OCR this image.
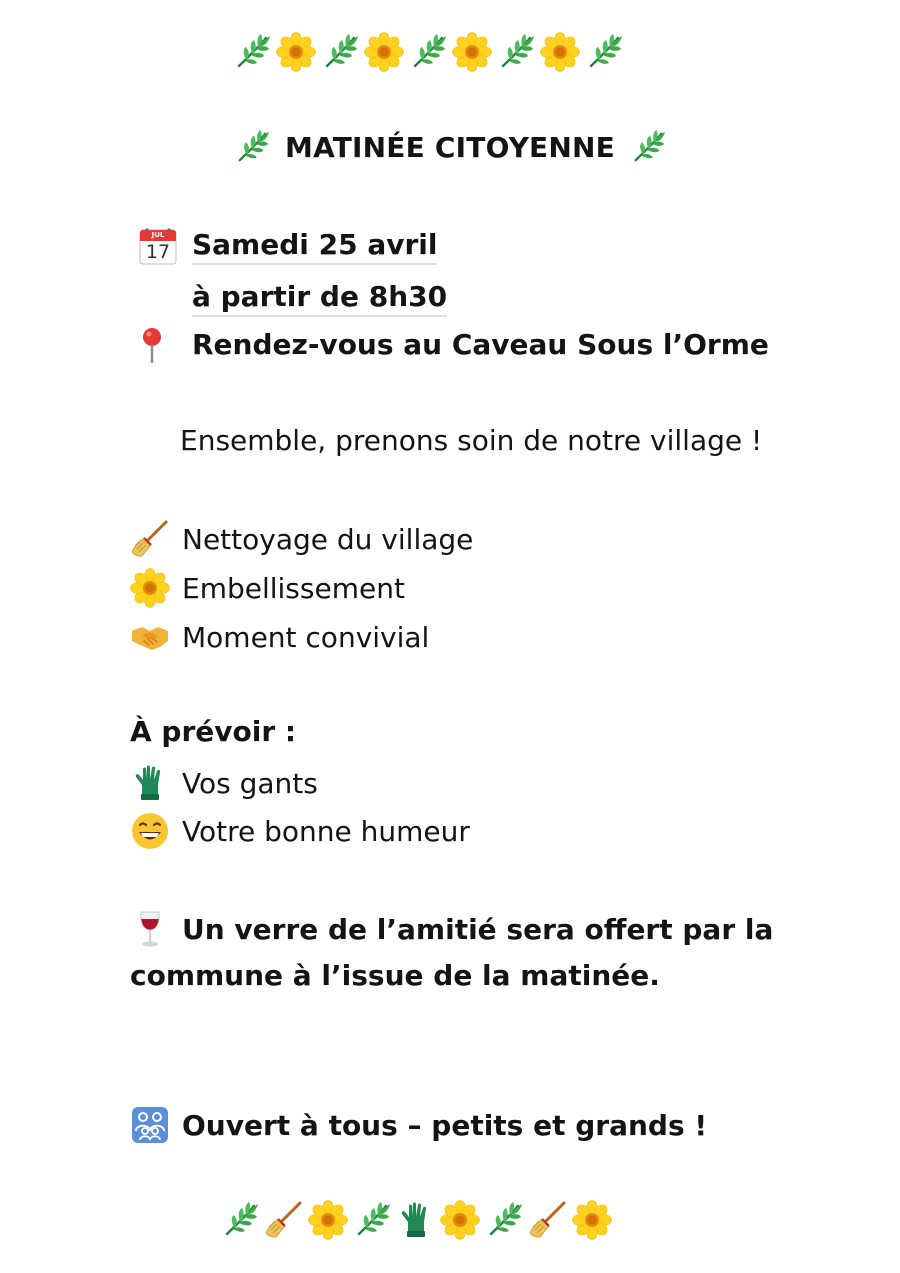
MATINÉE CITOYENNE
JUL
17 Samedi 25 avril
à partir de 8h30
Rendez-vous au Caveau Sous l’Orme
Ensemble, prenons soin de notre village !
Nettoyage du village
Embellissement
Moment convivial
À prévoir :
Vos gants
Votre bonne humeur
Un verre de l’amitié sera offert par la
commune à l’issue de la matinée.
Ouvert à tous – petits et grands !
